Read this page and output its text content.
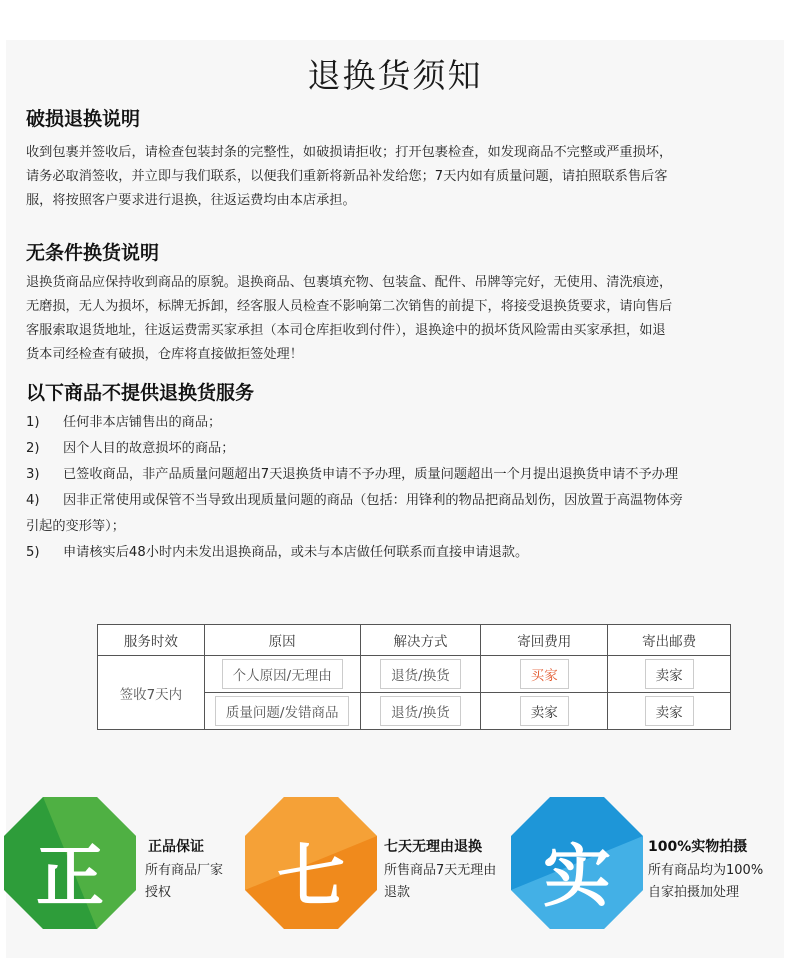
退换货须知
破损退换说明
收到包裹并签收后，请检查包装封条的完整性，如破损请拒收；打开包裹检查，如发现商品不完整或严重损坏，
请务必取消签收，并立即与我们联系，以便我们重新将新品补发给您；7天内如有质量问题，请拍照联系售后客
服，将按照客户要求进行退换，往返运费均由本店承担。
无条件换货说明
退换货商品应保持收到商品的原貌。退换商品、包裹填充物、包装盒、配件、吊牌等完好，无使用、清洗痕迹，
无磨损，无人为损坏，标牌无拆卸，经客服人员检查不影响第二次销售的前提下，将接受退换货要求，请向售后
客服索取退货地址，往返运费需买家承担（本司仓库拒收到付件），退换途中的损坏货风险需由买家承担，如退
货本司经检查有破损，仓库将直接做拒签处理！
以下商品不提供退换货服务
1) 任何非本店铺售出的商品；
2) 因个人目的故意损坏的商品；
3) 已签收商品，非产品质量问题超出7天退换货申请不予办理，质量问题超出一个月提出退换货申请不予办理
4) 因非正常使用或保管不当导致出现质量问题的商品（包括：用锋利的物品把商品划伤，因放置于高温物体旁
引起的变形等）；
5) 申请核实后48小时内未发出退换商品，或未与本店做任何联系而直接申请退款。
服务时效	原因	解决方式	寄回费用	寄出邮费
签收7天内	个人原因/无理由	退货/换货	买家	卖家
	质量问题/发错商品	退货/换货	卖家	卖家
正	正品保证
所有商品厂家
授权	七	七天无理由退换
所售商品7天无理由
退款	实	100%实物拍摄
所有商品均为100%
自家拍摄加处理
